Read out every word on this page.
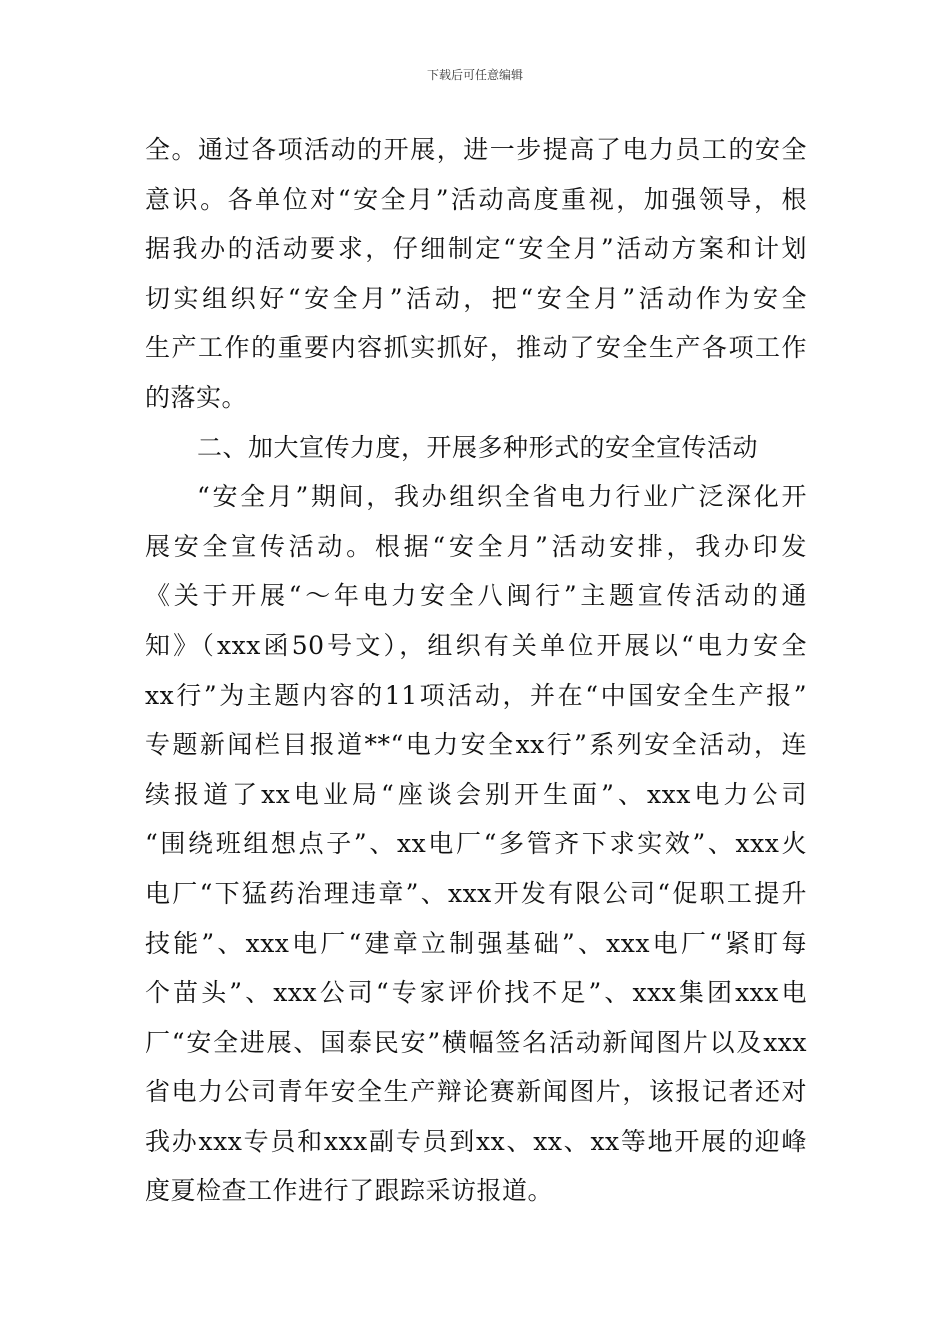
下载后可任意编辑
全。通过各项活动的开展，进一步提高了电力员工的安全
意识。各单位对“安全月”活动高度重视，加强领导，根
据我办的活动要求，仔细制定“安全月”活动方案和计划
切实组织好“安全月”活动，把“安全月”活动作为安全
生产工作的重要内容抓实抓好，推动了安全生产各项工作
的落实。
二、加大宣传力度，开展多种形式的安全宣传活动
“安全月”期间，我办组织全省电力行业广泛深化开
展安全宣传活动。根据“安全月”活动安排，我办印发
《关于开展“～年电力安全八闽行”主题宣传活动的通
知》（xxx函50号文），组织有关单位开展以“电力安全
xx行”为主题内容的11项活动，并在“中国安全生产报”
专题新闻栏目报道**“电力安全xx行”系列安全活动，连
续报道了xx电业局“座谈会别开生面”、xxx电力公司
“围绕班组想点子”、xx电厂“多管齐下求实效”、xxx火
电厂“下猛药治理违章”、xxx开发有限公司“促职工提升
技能”、xxx电厂“建章立制强基础”、xxx电厂“紧盯每
个苗头”、xxx公司“专家评价找不足”、xxx集团xxx电
厂“安全进展、国泰民安”横幅签名活动新闻图片以及xxx
省电力公司青年安全生产辩论赛新闻图片，该报记者还对
我办xxx专员和xxx副专员到xx、xx、xx等地开展的迎峰
度夏检查工作进行了跟踪采访报道。
